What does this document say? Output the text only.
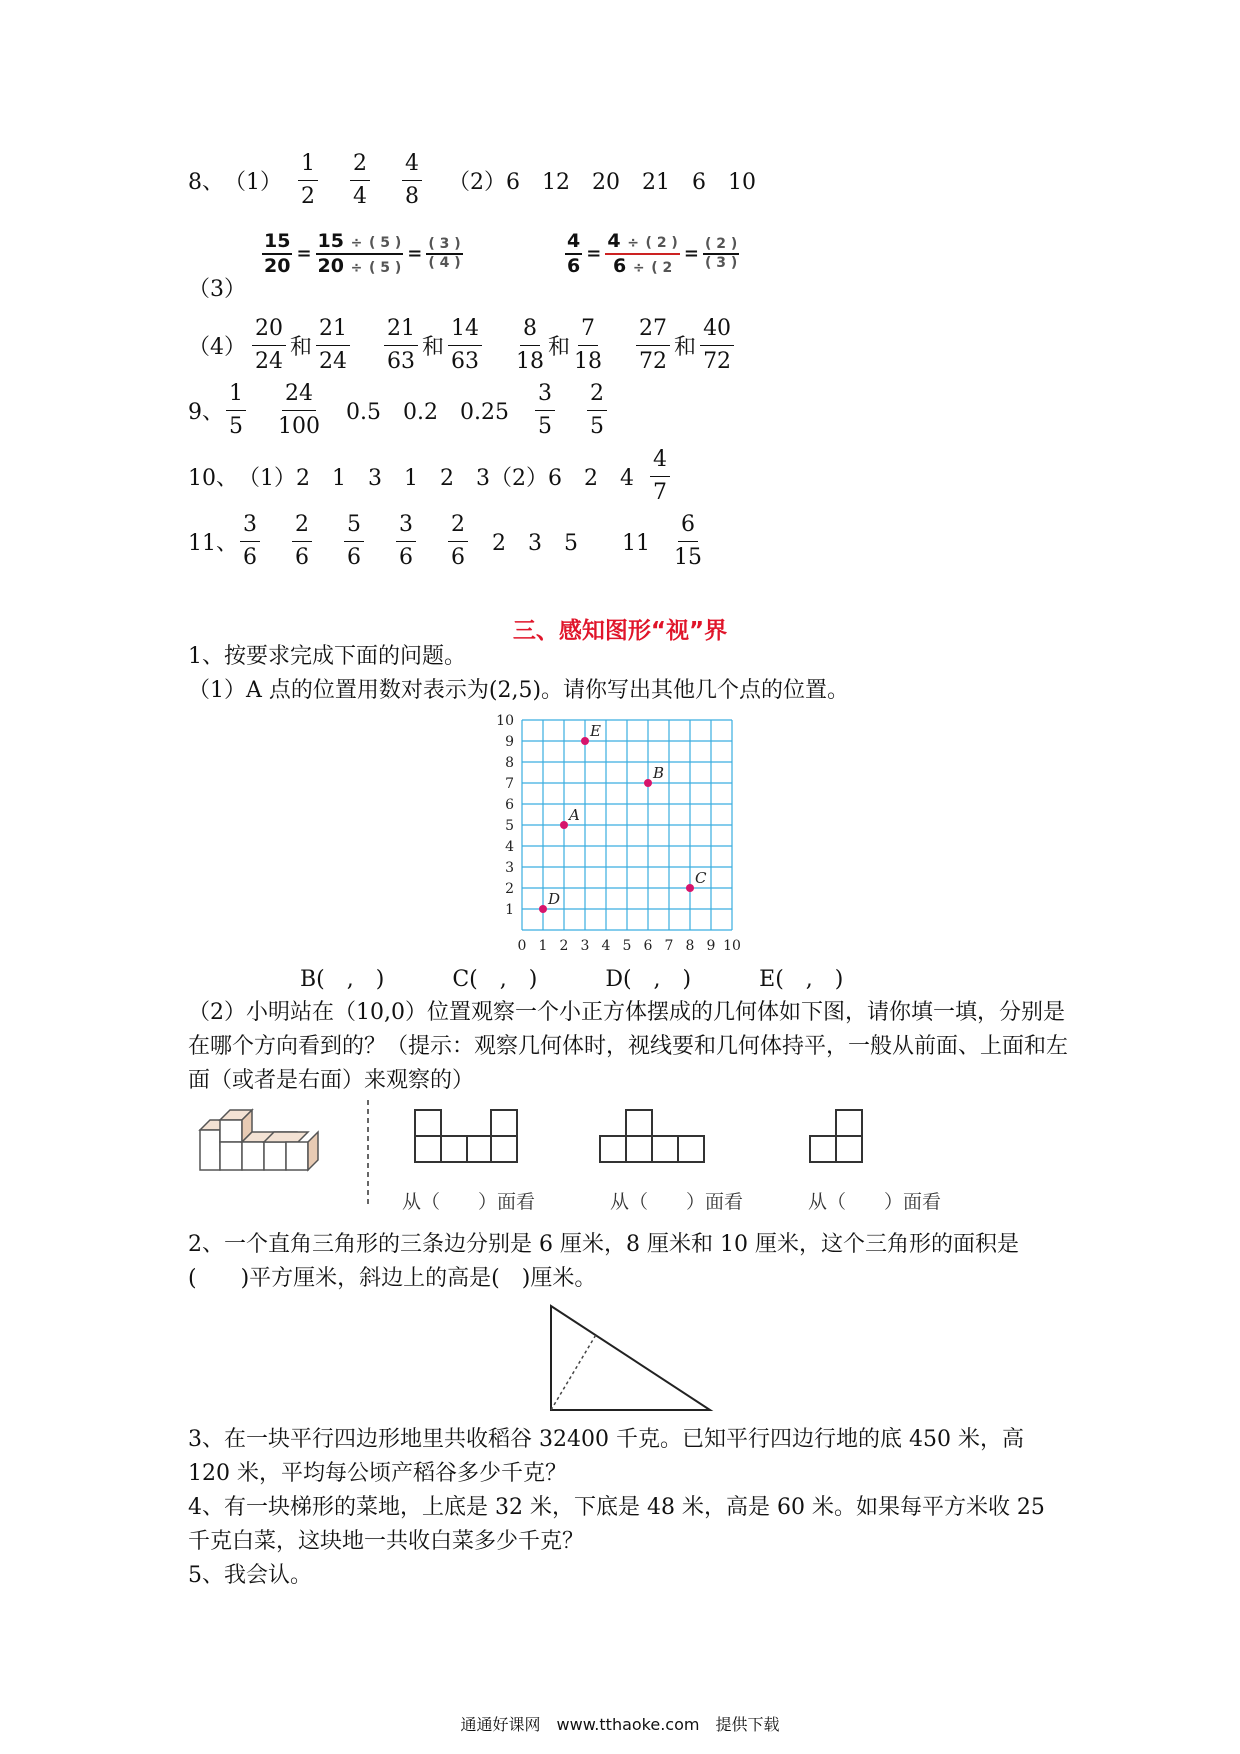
8、 $(1) \frac{1}{2} \frac{2}{4} \frac{4}{8} (2)$ 6　12　20　21　6　10
（3）
$\frac{15}{20} = \frac{15 \div ( 5 )}{20 \div ( 5 )} = \frac{( 3 )}{( 4 )}$	$\frac{4}{6} = \frac{4 \div ( 2 )}{6 \div ( 2} = \frac{( 2 )}{( 3 )}$
$(4) \frac{20}{24}$ 和 $\frac{21}{24} \frac{21}{63}$ 和 $\frac{14}{63} \frac{8}{18}$ 和 $\frac{7}{18} \frac{27}{72}$ 和 $\frac{40}{72}$
9、 $\frac{1}{5} \frac{24}{100} 0.5$　0.2　$0.25 \frac{3}{5} \frac{2}{5}$
10、 （1）2　1　3　1　2　3（2）6　2　$4 \frac{4}{7}$
11、 $\frac{3}{6} \frac{2}{6} \frac{5}{6} \frac{3}{6} \frac{2}{6} 2$　3　5　　$11 \frac{6}{15}$
三、感知图形“视”界
1、按要求完成下面的问题。
（1）A 点的位置用数对表示为(2,5)。请你写出其他几个点的位置。
0 1 2 3 4 5 6 7 8 9 10
1
2
3
4
5
6
7
8
9
10
A
B
C
D
E
B(　,　)	C(　,　)	D(　,　)	E(　,　)
（2）小明站在（10,0）位置观察一个小正方体摆成的几何体如下图，请你填一填，分别是在哪个方向看到的？（提示：观察几何体时，视线要和几何体持平，一般从前面、上面和左面（或者是右面）来观察的）
从（　　）面看	从（　　）面看	从（　　）面看
2、一个直角三角形的三条边分别是 6 厘米，8 厘米和 10 厘米，这个三角形的面积是(　　)平方厘米，斜边上的高是(　)厘米。
3、在一块平行四边形地里共收稻谷 32400 千克。已知平行四边行地的底 450 米，高 120 米，平均每公顷产稻谷多少千克？
4、有一块梯形的菜地，上底是 32 米，下底是 48 米，高是 60 米。如果每平方米收 25 千克白菜，这块地一共收白菜多少千克？
5、我会认。
通通好课网　www.tthaoke.com　提供下载
